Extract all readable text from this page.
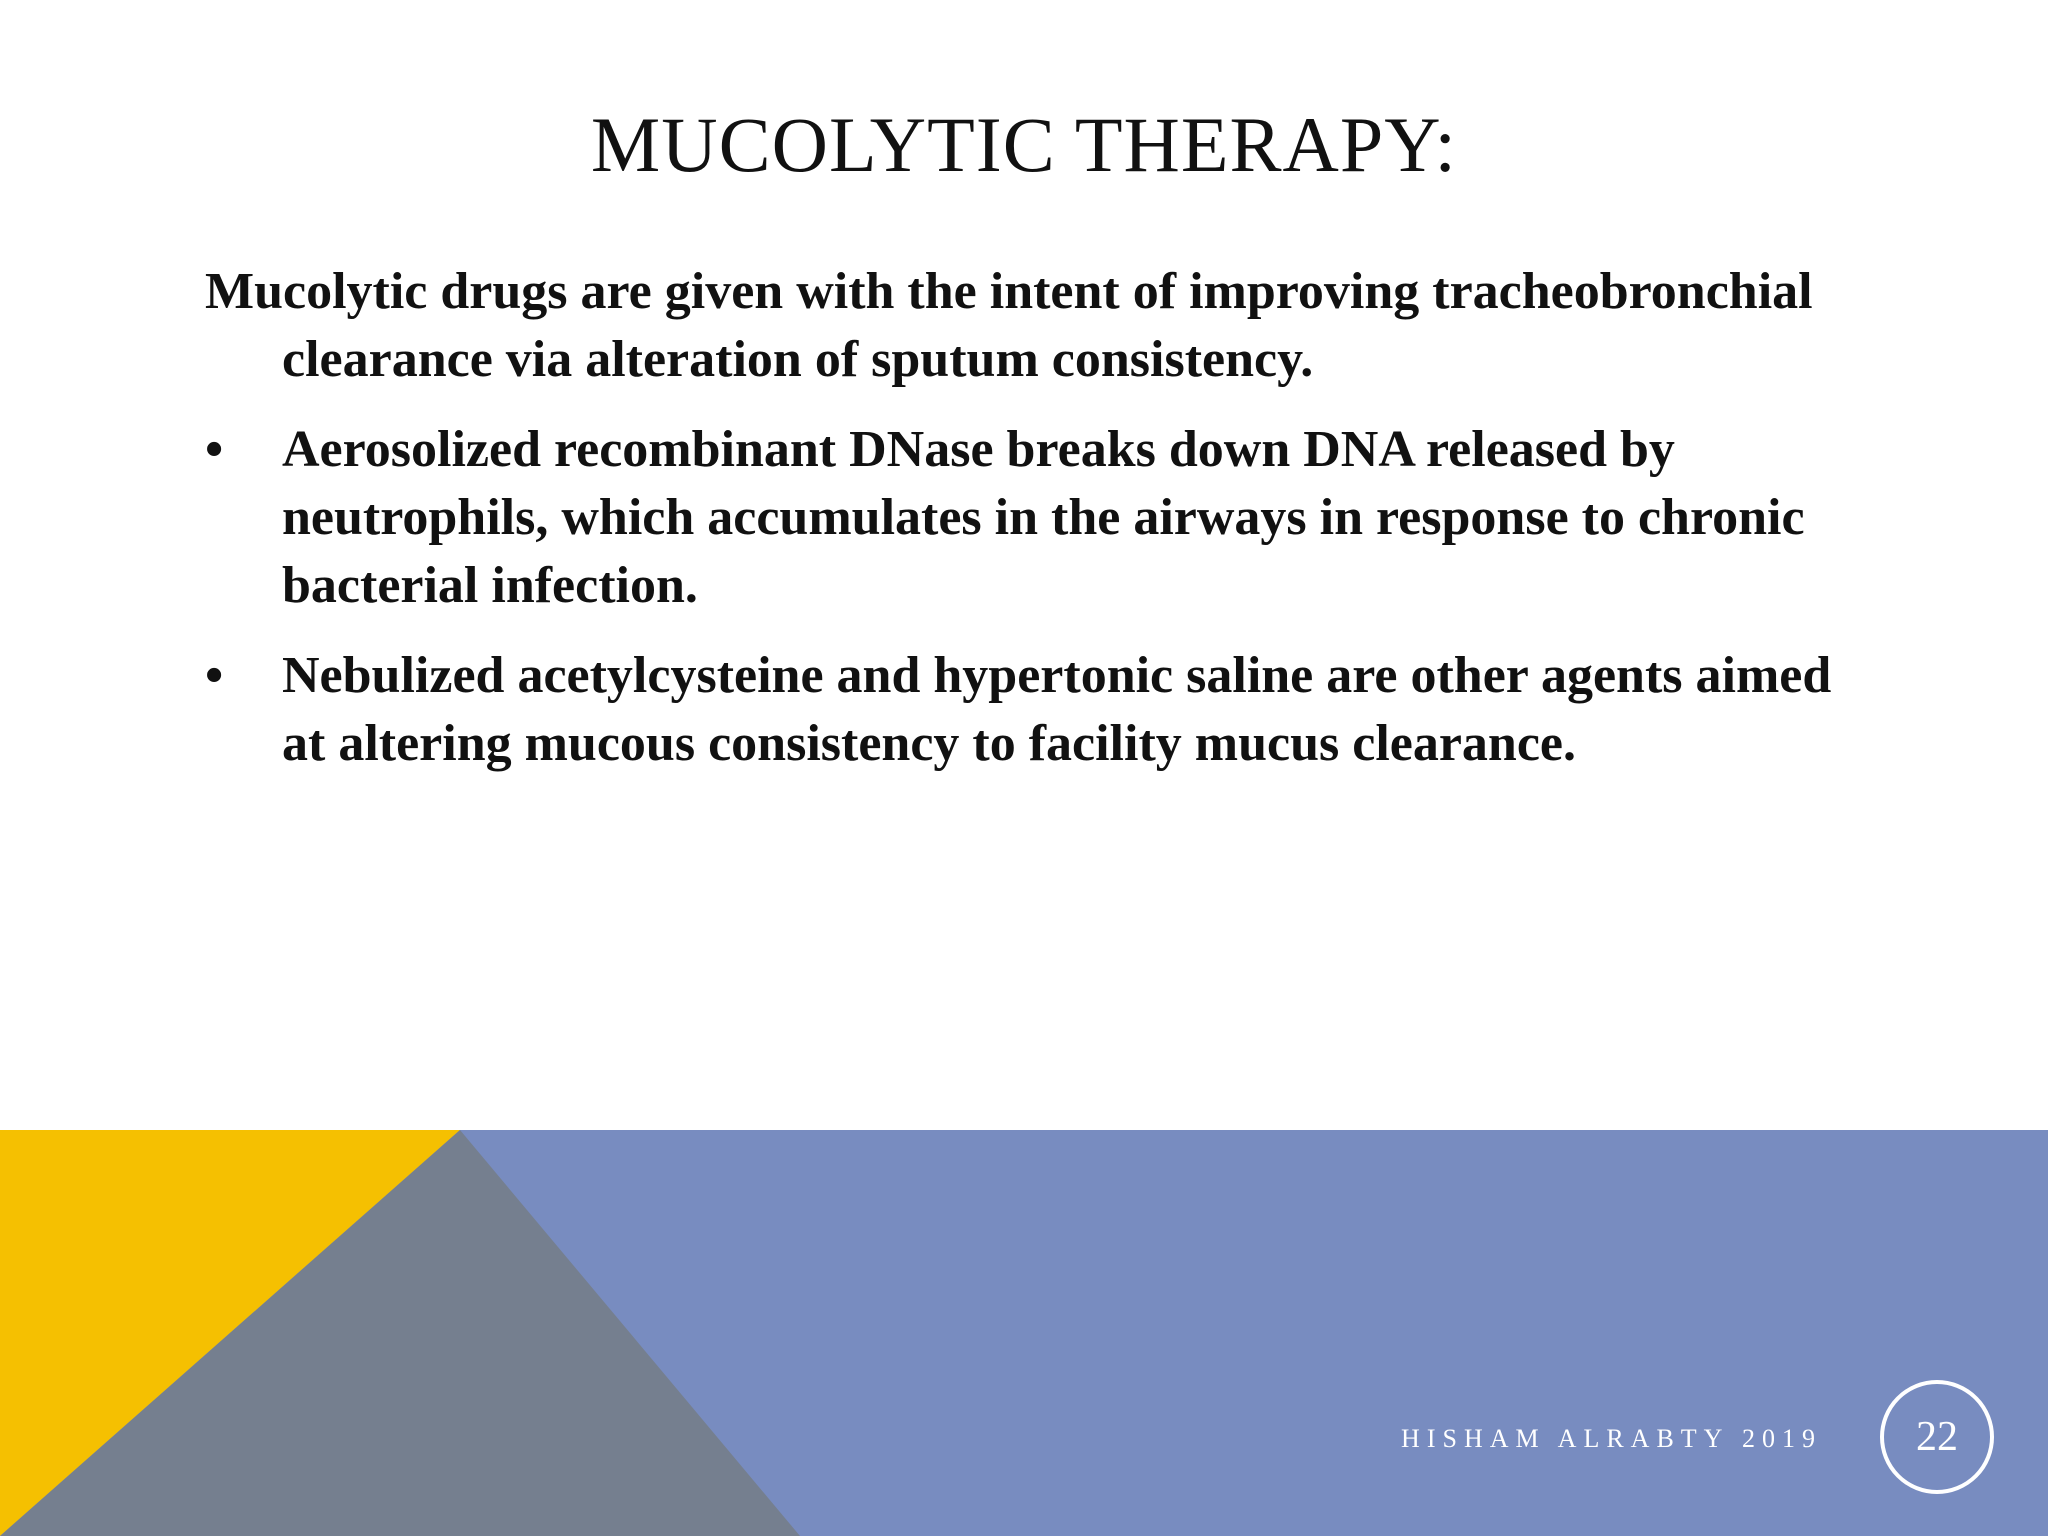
MUCOLYTIC THERAPY:

Mucolytic drugs are given with the intent of improving tracheobronchial clearance via alteration of sputum consistency.

• Aerosolized recombinant DNase breaks down DNA released by neutrophils, which accumulates in the airways in response to chronic bacterial infection.
• Nebulized acetylcysteine and hypertonic saline are other agents aimed at altering mucous consistency to facility mucus clearance.
HISHAM ALRABTY 2019 22
